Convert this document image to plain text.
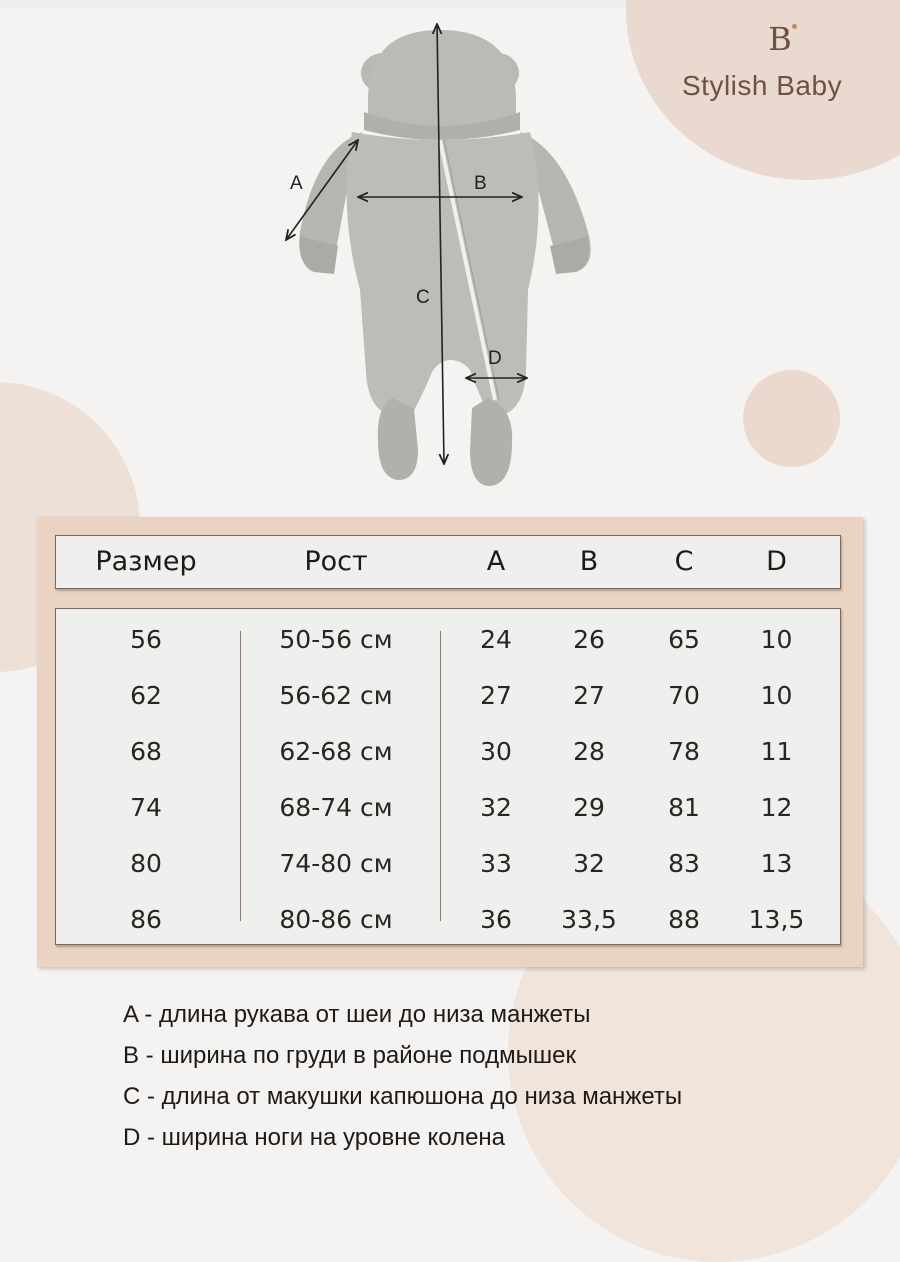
B
Stylish Baby
A	B
C
D
Размер	Рост	A	B	C	D
56	50-56 см	24	26	65	10
62	56-62 см	27	27	70	10
68	62-68 см	30	28	78	11
74	68-74 см	32	29	81	12
80	74-80 см	33	32	83	13
86	80-86 см	36	33,5	88	13,5
A - длина рукава от шеи до низа манжеты
B - ширина по груди в районе подмышек
C - длина от макушки капюшона до низа манжеты
D - ширина ноги на уровне колена
